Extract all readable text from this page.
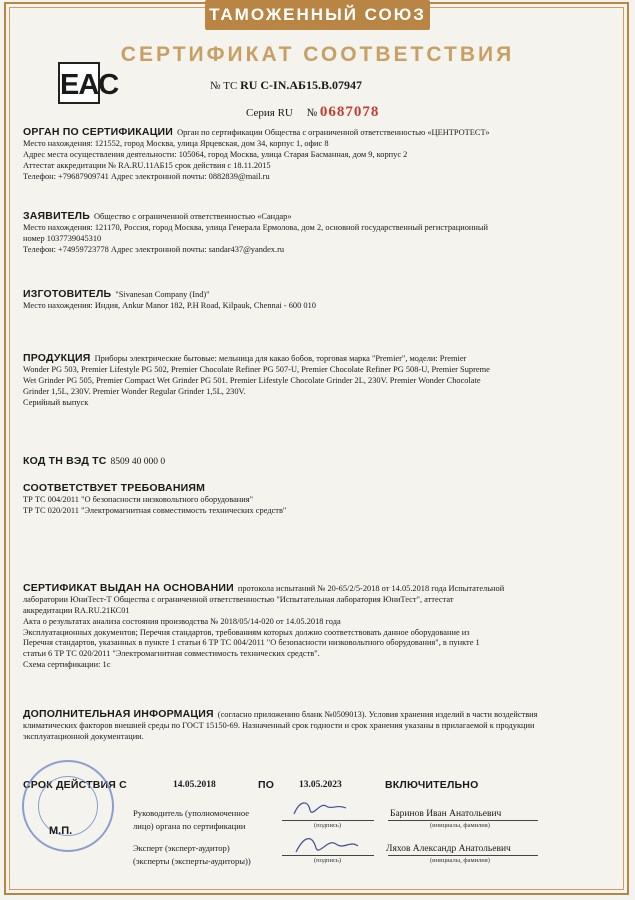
ТАМОЖЕННЫЙ СОЮЗ
СЕРТИФИКАТ СООТВЕТСТВИЯ
EAC	№ ТС RU С-IN.АБ15.В.07947
Серия RU № 0687078

ОРГАН ПО СЕРТИФИКАЦИИ Орган по сертификации Общества с ограниченной ответственностью «ЦЕНТРОТЕСТ»

Место нахождения: 121552, город Москва, улица Ярцевская, дом 34, корпус 1, офис 8

Адрес места осуществления деятельности: 105064, город Москва, улица Старая Басманная, дом 9, корпус 2

Аттестат аккредитации № RA.RU.11АБ15 срок действия с 18.11.2015

Телефон: +79687909741 Адрес электронной почты: 0882839@mail.ru

ЗАЯВИТЕЛЬ Общество с ограниченной ответственностью «Сандар»

Место нахождения: 121170, Россия, город Москва, улица Генерала Ермолова, дом 2, основной государственный регистрационный

номер 1037739045310

Телефон: +74959723778 Адрес электронной почты: sandar437@yandex.ru

ИЗГОТОВИТЕЛЬ "Sivanesan Company (Ind)"

Место нахождения: Индия, Ankur Manor 182, P.H Road, Kilpauk, Chennai - 600 010

ПРОДУКЦИЯ Приборы электрические бытовые: мельница для какао бобов, торговая марка "Premier", модели: Premier

Wonder PG 503, Premier Lifestyle PG 502, Premier Chocolate Refiner PG 507-U, Premier Chocolate Refiner PG 508-U, Premier Supreme

Wet Grinder PG 505, Premier Compact Wet Grinder PG 501. Premier Lifestyle Chocolate Grinder 2L, 230V. Premier Wonder Chocolate

Grinder 1,5L, 230V. Premier Wonder Regular Grinder 1,5L, 230V.

Серийный выпуск

КОД ТН ВЭД ТС 8509 40 000 0

СООТВЕТСТВУЕТ ТРЕБОВАНИЯМ

ТР ТС 004/2011 "О безопасности низковольтного оборудования"

ТР ТС 020/2011 "Электромагнитная совместимость технических средств"

СЕРТИФИКАТ ВЫДАН НА ОСНОВАНИИ протокола испытаний № 20-65/2/5-2018 от 14.05.2018 года Испытательной

лаборатории ЮниТест-Т Общества с ограниченной ответственностью "Испытательная лаборатория ЮниТест", аттестат

аккредитации RA.RU.21КС01

Акта о результатах анализа состояния производства № 2018/05/14-020 от 14.05.2018 года

Эксплуатационных документов; Перечня стандартов, требованиям которых должно соответствовать данное оборудование из

Перечня стандартов, указанных в пункте 1 статьи 6 ТР ТС 004/2011 "О безопасности низковольтного оборудования", в пункте 1

статьи 6 ТР ТС 020/2011 "Электромагнитная совместимость технических средств".

Схема сертификации: 1с

ДОПОЛНИТЕЛЬНАЯ ИНФОРМАЦИЯ (согласно приложению бланк №0509013). Условия хранения изделий в части воздействия

климатических факторов внешней среды по ГОСТ 15150-69. Назначенный срок годности и срок хранения указаны в прилагаемой к продукции

эксплуатационной документации.

СРОК ДЕЙСТВИЯ С	14.05.2018	ПО	13.05.2023	ВКЛЮЧИТЕЛЬНО
М.П.
Руководитель (уполномоченное
лицо) органа по сертификации	(подпись)
Баринов Иван Анатольевич
(инициалы, фамилия)
Эксперт (эксперт-аудитор)
(эксперты (эксперты-аудиторы))	(подпись)
Ляхов Александр Анатольевич
(инициалы, фамилия)
